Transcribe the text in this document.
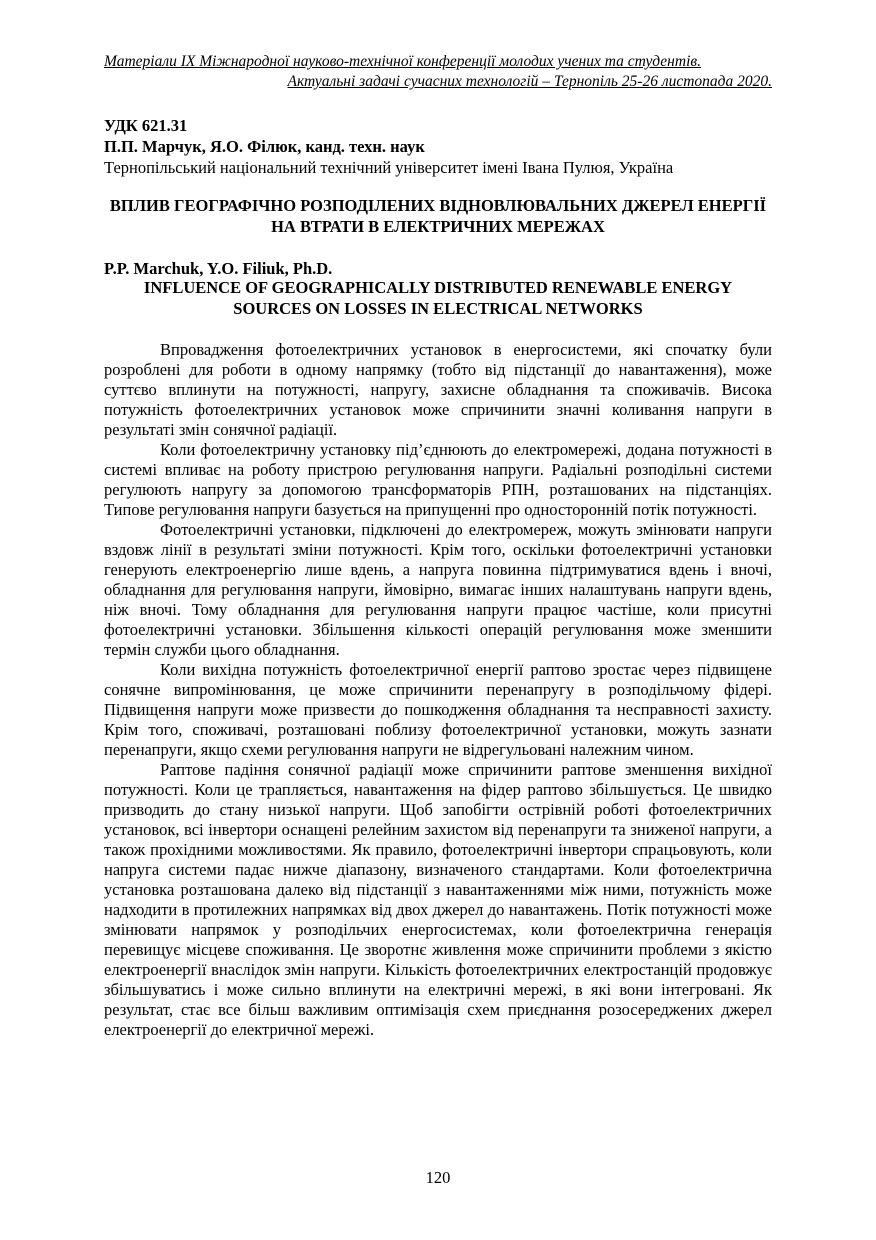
Матеріали ІХ Міжнародної науково-технічної конференції молодих учених та студентів.
Актуальні задачі сучасних технологій – Тернопіль 25-26 листопада 2020.
УДК 621.31
П.П. Марчук, Я.О. Філюк, канд. техн. наук
Тернопільський національний технічний університет імені Івана Пулюя, Україна
ВПЛИВ ГЕОГРАФІЧНО РОЗПОДІЛЕНИХ ВІДНОВЛЮВАЛЬНИХ ДЖЕРЕЛ ЕНЕРГІЇ НА ВТРАТИ В ЕЛЕКТРИЧНИХ МЕРЕЖАХ
P.P. Marchuk, Y.O. Filiuk, Ph.D.
INFLUENCE OF GEOGRAPHICALLY DISTRIBUTED RENEWABLE ENERGY SOURCES ON LOSSES IN ELECTRICAL NETWORKS

Впровадження фотоелектричних установок в енергосистеми, які спочатку були розроблені для роботи в одному напрямку (тобто від підстанції до навантаження), може суттєво вплинути на потужності, напругу, захисне обладнання та споживачів. Висока потужність фотоелектричних установок може спричинити значні коливання напруги в результаті змін сонячної радіації.

Коли фотоелектричну установку під’єднюють до електромережі, додана потужності в системі впливає на роботу пристрою регулювання напруги. Радіальні розподільні системи регулюють напругу за допомогою трансформаторів РПН, розташованих на підстанціях. Типове регулювання напруги базується на припущенні про односторонній потік потужності.

Фотоелектричні установки, підключені до електромереж, можуть змінювати напруги вздовж лінії в результаті зміни потужності. Крім того, оскільки фотоелектричні установки генерують електроенергію лише вдень, а напруга повинна підтримуватися вдень і вночі, обладнання для регулювання напруги, ймовірно, вимагає інших налаштувань напруги вдень, ніж вночі. Тому обладнання для регулювання напруги працює частіше, коли присутні фотоелектричні установки. Збільшення кількості операцій регулювання може зменшити термін служби цього обладнання.

Коли вихідна потужність фотоелектричної енергії раптово зростає через підвищене сонячне випромінювання, це може спричинити перенапругу в розподільчому фідері. Підвищення напруги може призвести до пошкодження обладнання та несправності захисту. Крім того, споживачі, розташовані поблизу фотоелектричної установки, можуть зазнати перенапруги, якщо схеми регулювання напруги не відрегульовані належним чином.

Раптове падіння сонячної радіації може спричинити раптове зменшення вихідної потужності. Коли це трапляється, навантаження на фідер раптово збільшується. Це швидко призводить до стану низької напруги. Щоб запобігти острівній роботі фотоелектричних установок, всі інвертори оснащені релейним захистом від перенапруги та зниженої напруги, а також прохідними можливостями. Як правило, фотоелектричні інвертори спрацьовують, коли напруга системи падає нижче діапазону, визначеного стандартами. Коли фотоелектрична установка розташована далеко від підстанції з навантаженнями між ними, потужність може надходити в протилежних напрямках від двох джерел до навантажень. Потік потужності може змінювати напрямок у розподільчих енергосистемах, коли фотоелектрична генерація перевищує місцеве споживання. Це зворотнє живлення може спричинити проблеми з якістю електроенергії внаслідок змін напруги. Кількість фотоелектричних електростанцій продовжує збільшуватись і може сильно вплинути на електричні мережі, в які вони інтегровані. Як результат, стає все більш важливим оптимізація схем приєднання розосереджених джерел електроенергії до електричної мережі.

120
